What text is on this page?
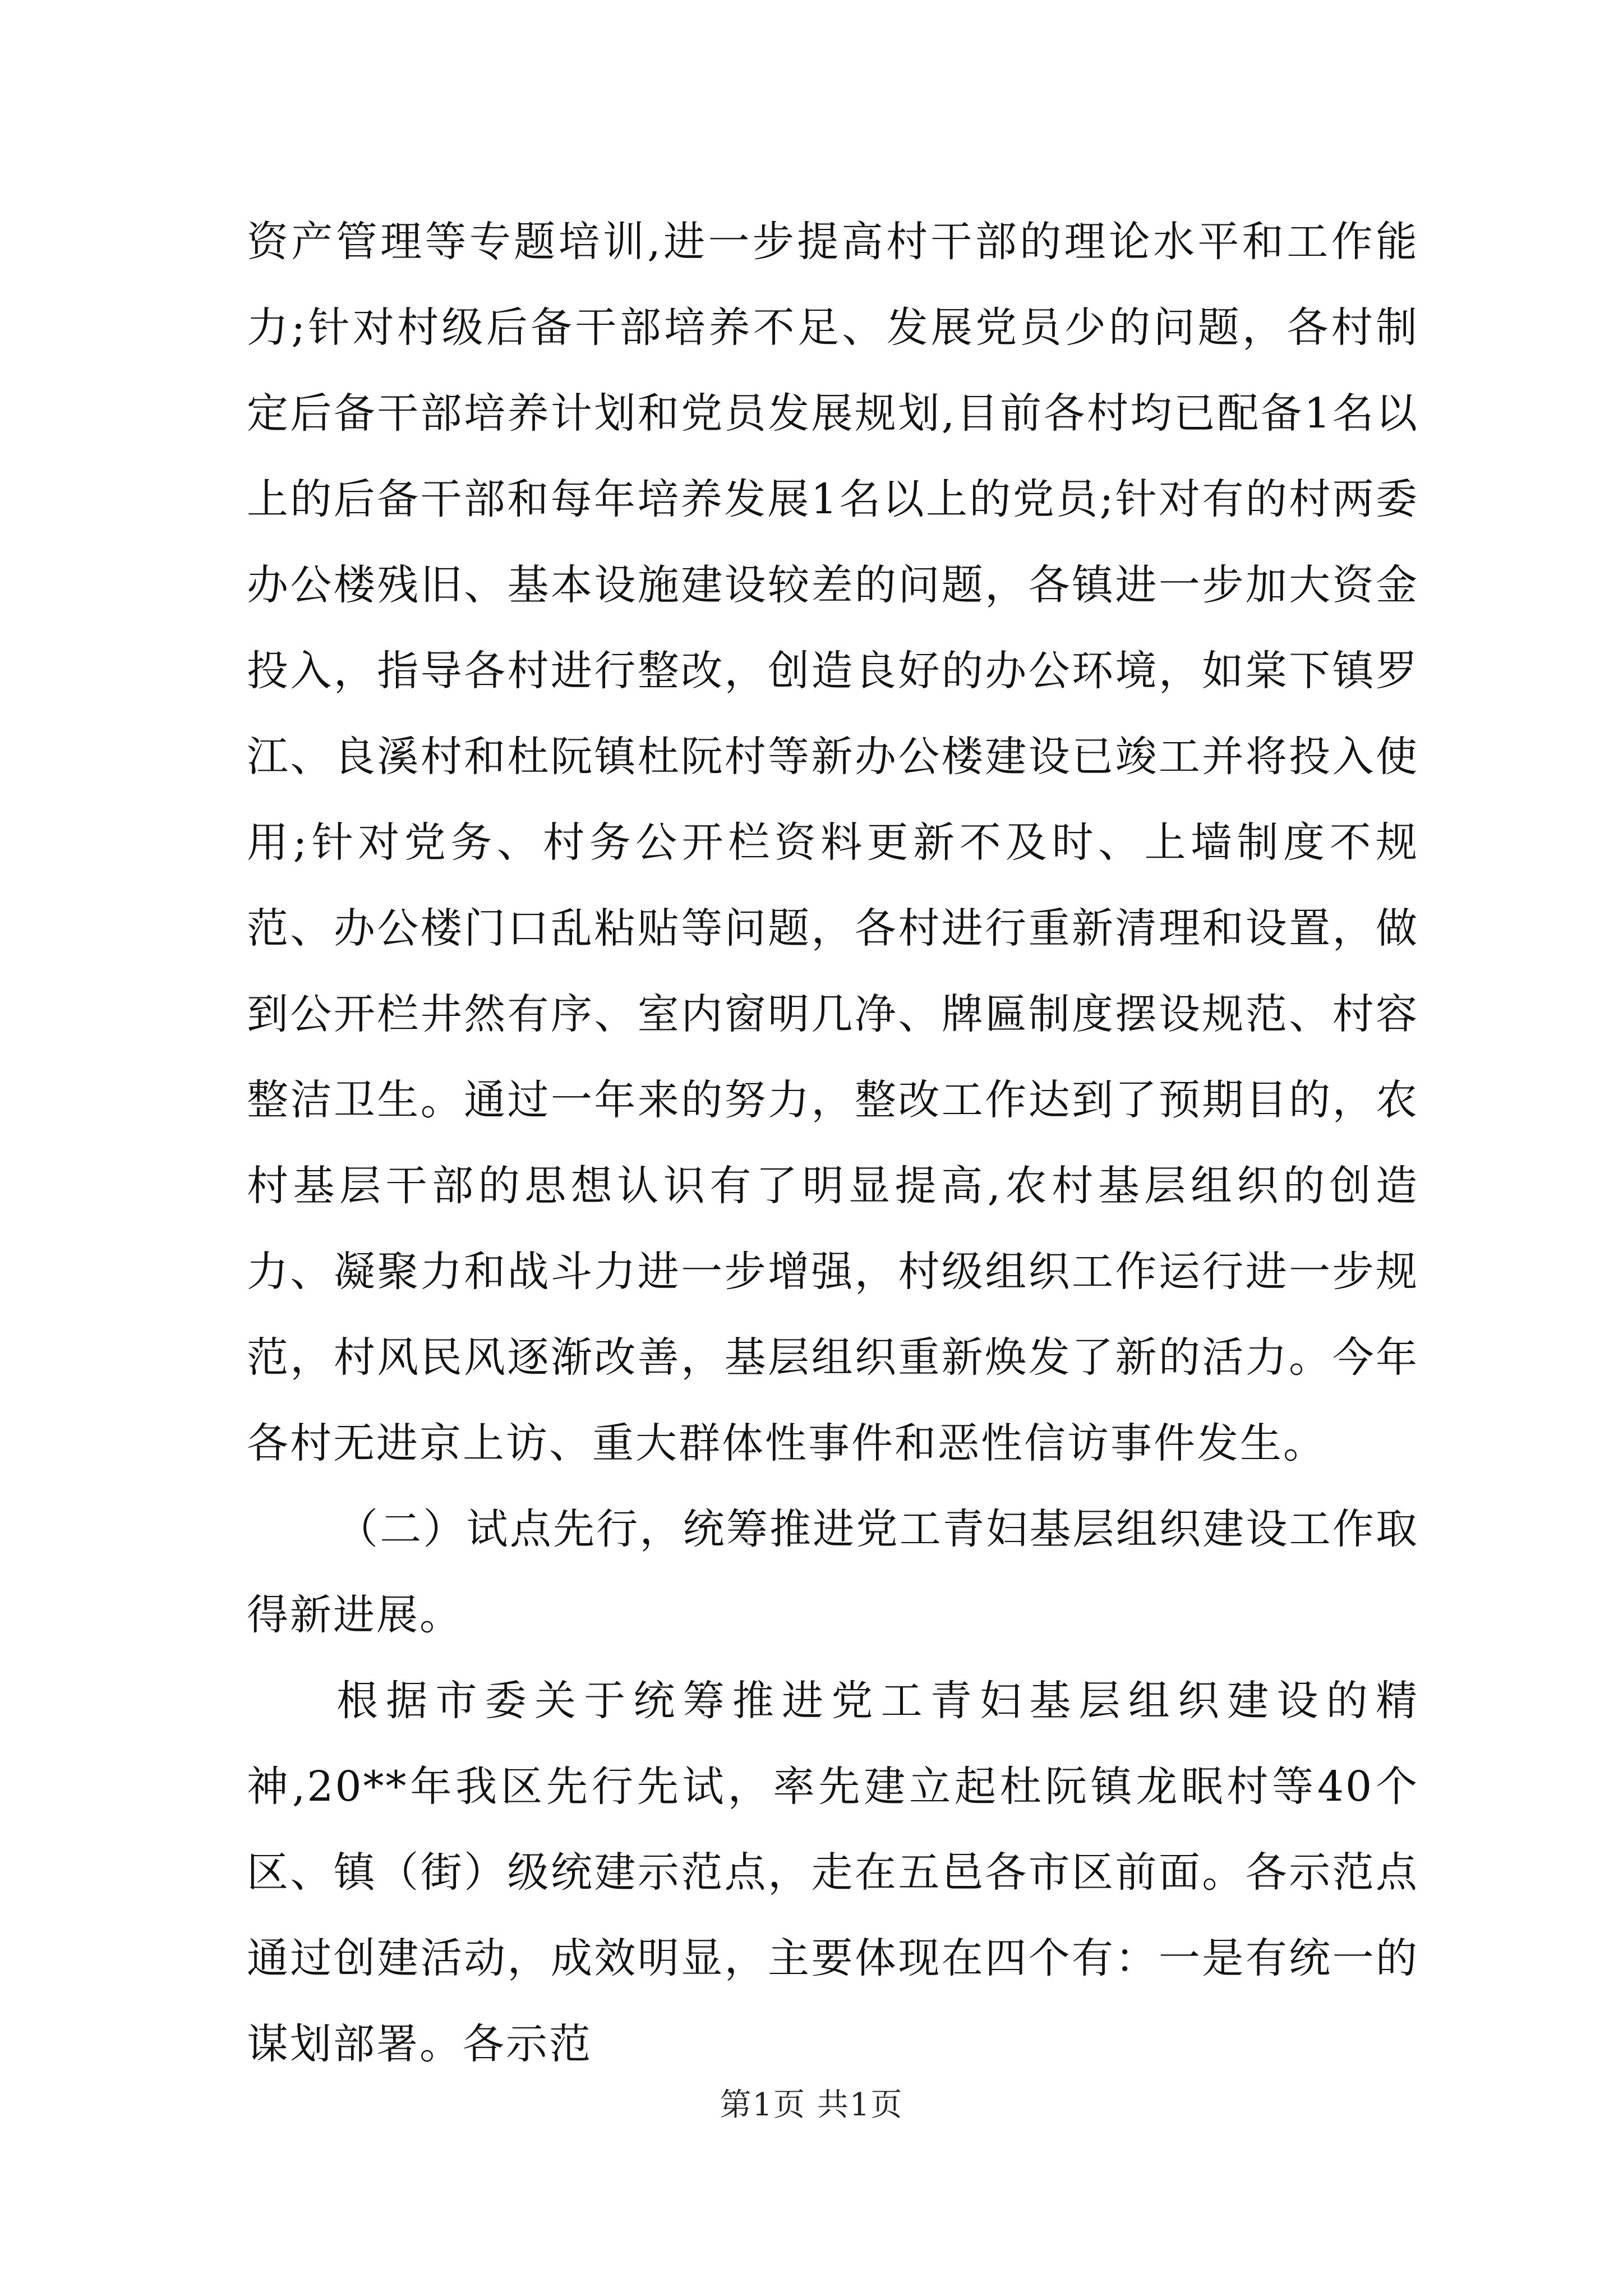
资产管理等专题培训,进一步提高村干部的理论水平和工作能力;针对村级后备干部培养不足、发展党员少的问题，各村制定后备干部培养计划和党员发展规划,目前各村均已配备1名以上的后备干部和每年培养发展1名以上的党员;针对有的村两委办公楼残旧、基本设施建设较差的问题，各镇进一步加大资金投入，指导各村进行整改，创造良好的办公环境，如棠下镇罗江、良溪村和杜阮镇杜阮村等新办公楼建设已竣工并将投入使用;针对党务、村务公开栏资料更新不及时、上墙制度不规范、办公楼门口乱粘贴等问题，各村进行重新清理和设置，做到公开栏井然有序、室内窗明几净、牌匾制度摆设规范、村容整洁卫生。通过一年来的努力，整改工作达到了预期目的，农村基层干部的思想认识有了明显提高,农村基层组织的创造力、凝聚力和战斗力进一步增强，村级组织工作运行进一步规范，村风民风逐渐改善，基层组织重新焕发了新的活力。今年各村无进京上访、重大群体性事件和恶性信访事件发生。

（二）试点先行，统筹推进党工青妇基层组织建设工作取得新进展。

根据市委关于统筹推进党工青妇基层组织建设的精神,20**年我区先行先试，率先建立起杜阮镇龙眠村等40个区、镇（街）级统建示范点，走在五邑各市区前面。各示范点通过创建活动，成效明显，主要体现在四个有：一是有统一的谋划部署。各示范

第1页 共1页
